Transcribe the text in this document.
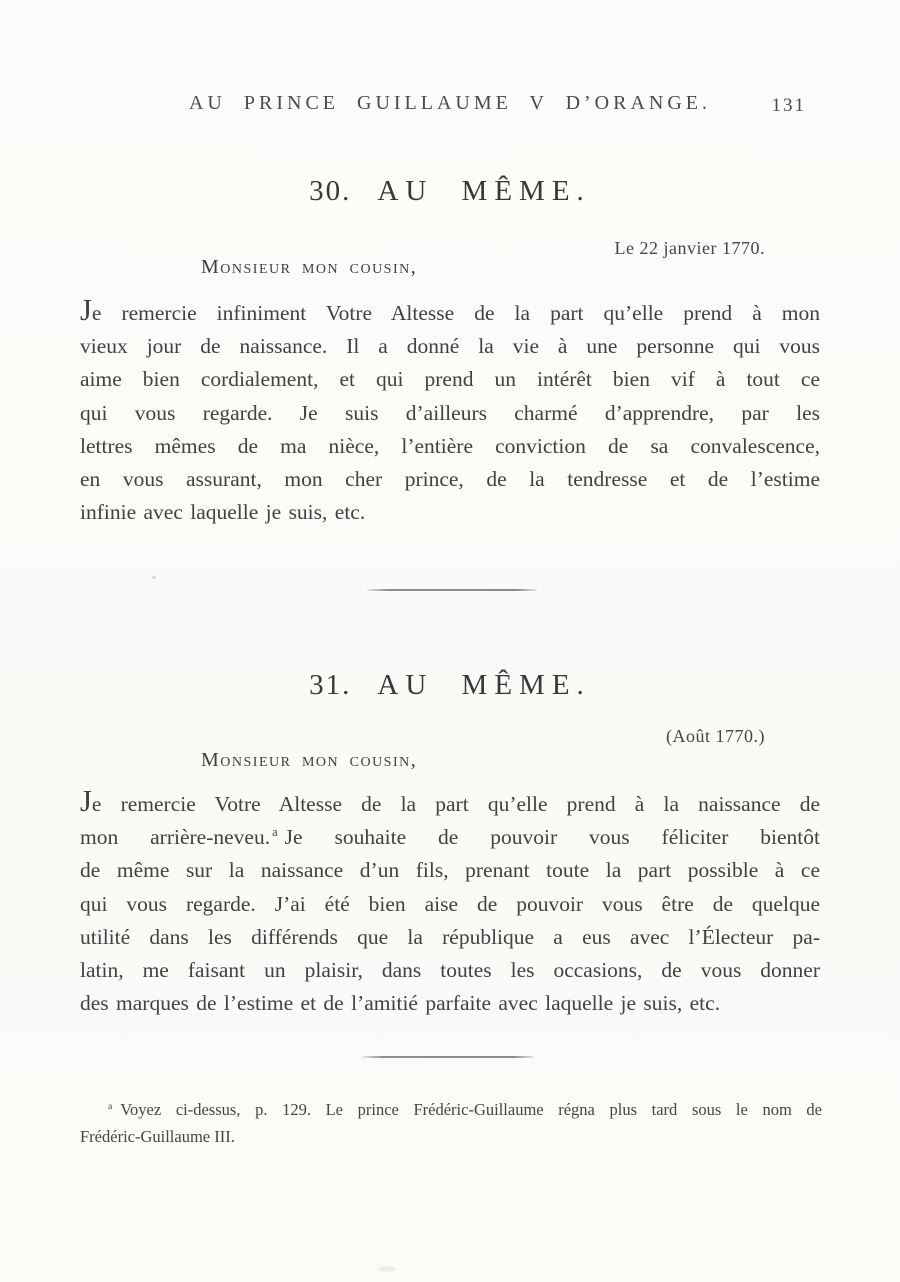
AU PRINCE GUILLAUME V D’ORANGE.	131
30. AU MÊME.
Le 22 janvier 1770.
Monsieur mon cousin,
Je remercie infiniment Votre Altesse de la part qu’elle prend à mon
vieux jour de naissance. Il a donné la vie à une personne qui vous
aime bien cordialement, et qui prend un intérêt bien vif à tout ce
qui vous regarde. Je suis d’ailleurs charmé d’apprendre, par les
lettres mêmes de ma nièce, l’entière conviction de sa convalescence,
en vous assurant, mon cher prince, de la tendresse et de l’estime
infinie avec laquelle je suis, etc.
31. AU MÊME.
(Août 1770.)
Monsieur mon cousin,
Je remercie Votre Altesse de la part qu’elle prend à la naissance de
mon arrière-neveu. $^a$ Je souhaite de pouvoir vous féliciter bientôt
de même sur la naissance d’un fils, prenant toute la part possible à ce
qui vous regarde. J’ai été bien aise de pouvoir vous être de quelque
utilité dans les différends que la république a eus avec l’Électeur pa-
latin, me faisant un plaisir, dans toutes les occasions, de vous donner
des marques de l’estime et de l’amitié parfaite avec laquelle je suis, etc.
$^a$ Voyez ci-dessus, p. 129. Le prince Frédéric-Guillaume régna plus tard sous le nom de
Frédéric-Guillaume III.
